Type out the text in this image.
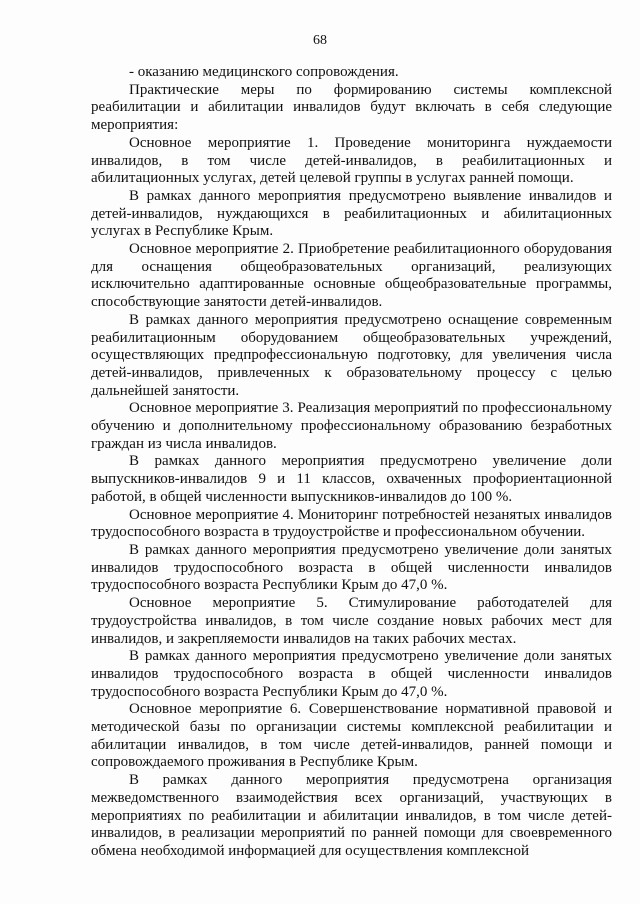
68

- оказанию медицинского сопровождения.

Практические меры по формированию системы комплексной реабилитации и абилитации инвалидов будут включать в себя следующие мероприятия:

Основное мероприятие 1. Проведение мониторинга нуждаемости инвалидов, в том числе детей-инвалидов, в реабилитационных и абилитационных услугах, детей целевой группы в услугах ранней помощи.

В рамках данного мероприятия предусмотрено выявление инвалидов и детей-инвалидов, нуждающихся в реабилитационных и абилитационных услугах в Республике Крым.

Основное мероприятие 2. Приобретение реабилитационного оборудования для оснащения общеобразовательных организаций, реализующих исключительно адаптированные основные общеобразовательные программы, способствующие занятости детей-инвалидов.

В рамках данного мероприятия предусмотрено оснащение современным реабилитационным оборудованием общеобразовательных учреждений, осуществляющих предпрофессиональную подготовку, для увеличения числа детей-инвалидов, привлеченных к образовательному процессу с целью дальнейшей занятости.

Основное мероприятие 3. Реализация мероприятий по профессиональному обучению и дополнительному профессиональному образованию безработных граждан из числа инвалидов.

В рамках данного мероприятия предусмотрено увеличение доли выпускников-инвалидов 9 и 11 классов, охваченных профориентационной работой, в общей численности выпускников-инвалидов до 100 %.

Основное мероприятие 4. Мониторинг потребностей незанятых инвалидов трудоспособного возраста в трудоустройстве и профессиональном обучении.

В рамках данного мероприятия предусмотрено увеличение доли занятых инвалидов трудоспособного возраста в общей численности инвалидов трудоспособного возраста Республики Крым до 47,0 %.

Основное мероприятие 5. Стимулирование работодателей для трудоустройства инвалидов, в том числе создание новых рабочих мест для инвалидов, и закрепляемости инвалидов на таких рабочих местах.

В рамках данного мероприятия предусмотрено увеличение доли занятых инвалидов трудоспособного возраста в общей численности инвалидов трудоспособного возраста Республики Крым до 47,0 %.

Основное мероприятие 6. Совершенствование нормативной правовой и методической базы по организации системы комплексной реабилитации и абилитации инвалидов, в том числе детей-инвалидов, ранней помощи и сопровождаемого проживания в Республике Крым.

В рамках данного мероприятия предусмотрена организация межведомственного взаимодействия всех организаций, участвующих в мероприятиях по реабилитации и абилитации инвалидов, в том числе детей-инвалидов, в реализации мероприятий по ранней помощи для своевременного обмена необходимой информацией для осуществления комплексной
